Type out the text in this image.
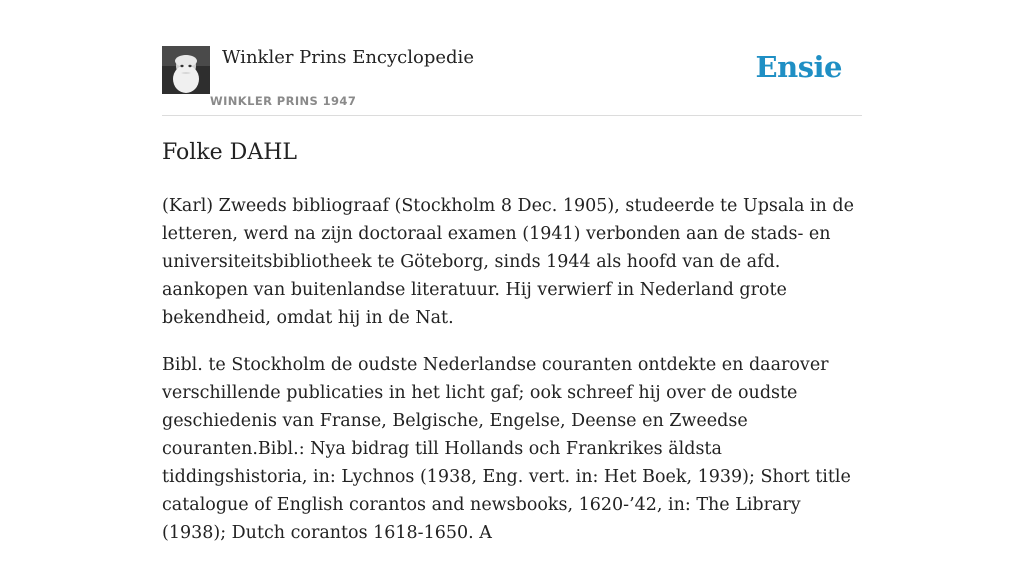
Winkler Prins Encyclopedie
WINKLER PRINS 1947
Ensie
Folke DAHL

(Karl) Zweeds bibliograaf (Stockholm 8 Dec. 1905), studeerde te Upsala in de letteren, werd na zijn doctoraal examen (1941) verbonden aan de stads- en universiteitsbibliotheek te Göteborg, sinds 1944 als hoofd van de afd. aankopen van buitenlandse literatuur. Hij verwierf in Nederland grote bekendheid, omdat hij in de Nat.

Bibl. te Stockholm de oudste Nederlandse couranten ontdekte en daarover verschillende publicaties in het licht gaf; ook schreef hij over de oudste geschiedenis van Franse, Belgische, Engelse, Deense en Zweedse couranten.Bibl.: Nya bidrag till Hollands och Frankrikes äldsta tiddingshistoria, in: Lychnos (1938, Eng. vert. in: Het Boek, 1939); Short title catalogue of English corantos and newsbooks, 1620-’42, in: The Library (1938); Dutch corantos 1618-1650. A
